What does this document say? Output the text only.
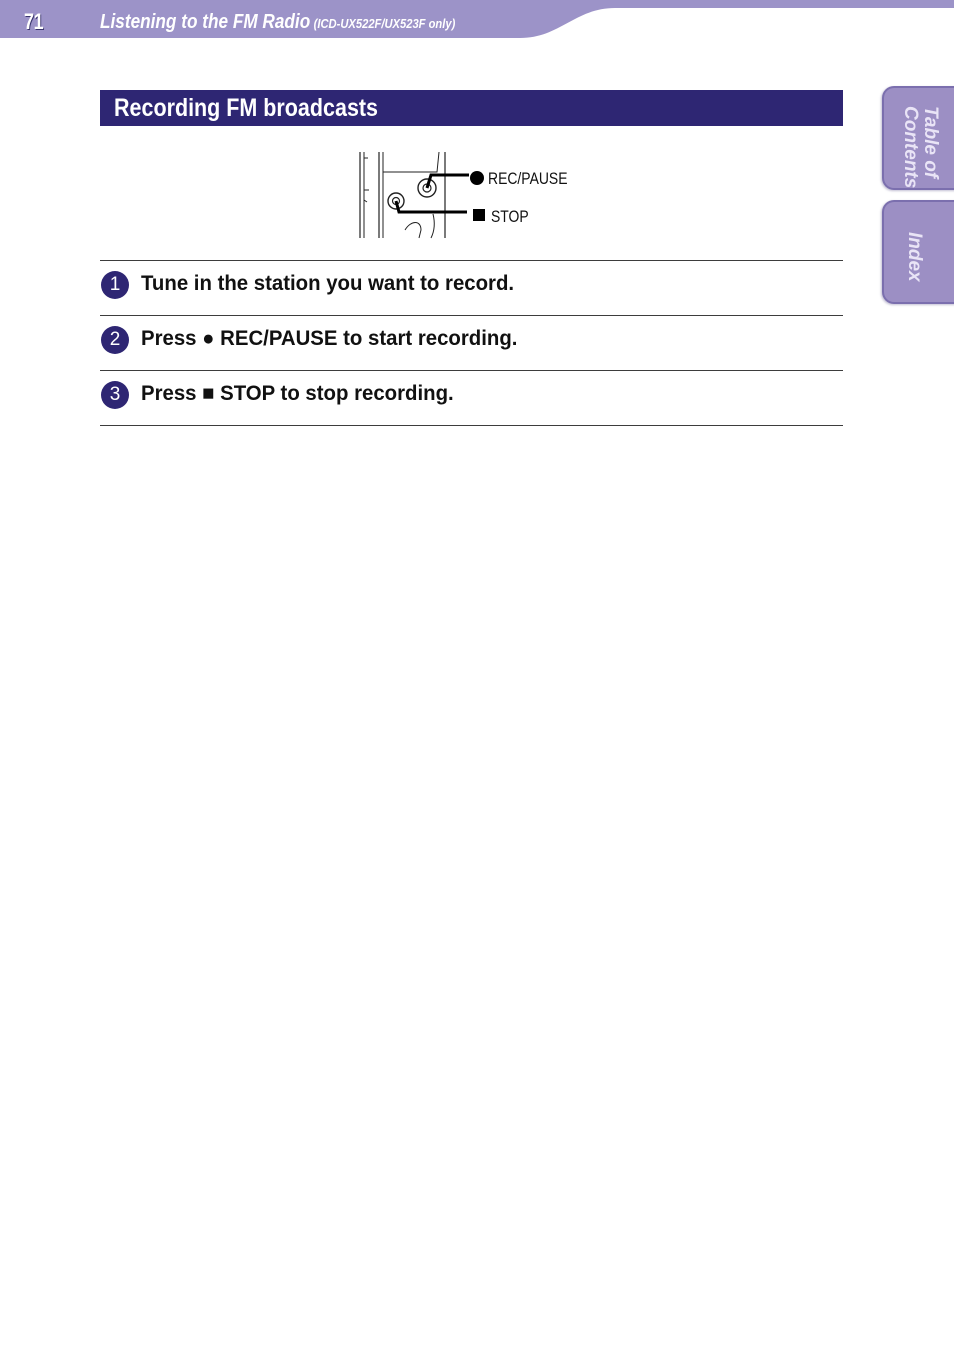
71	Listening to the FM Radio (ICD-UX522F/UX523F only)
Table of Contents
Index
Recording FM broadcasts
REC/PAUSE
STOP
1 Tune in the station you want to record.
2 Press ● REC/PAUSE to start recording.
3 Press ■ STOP to stop recording.
